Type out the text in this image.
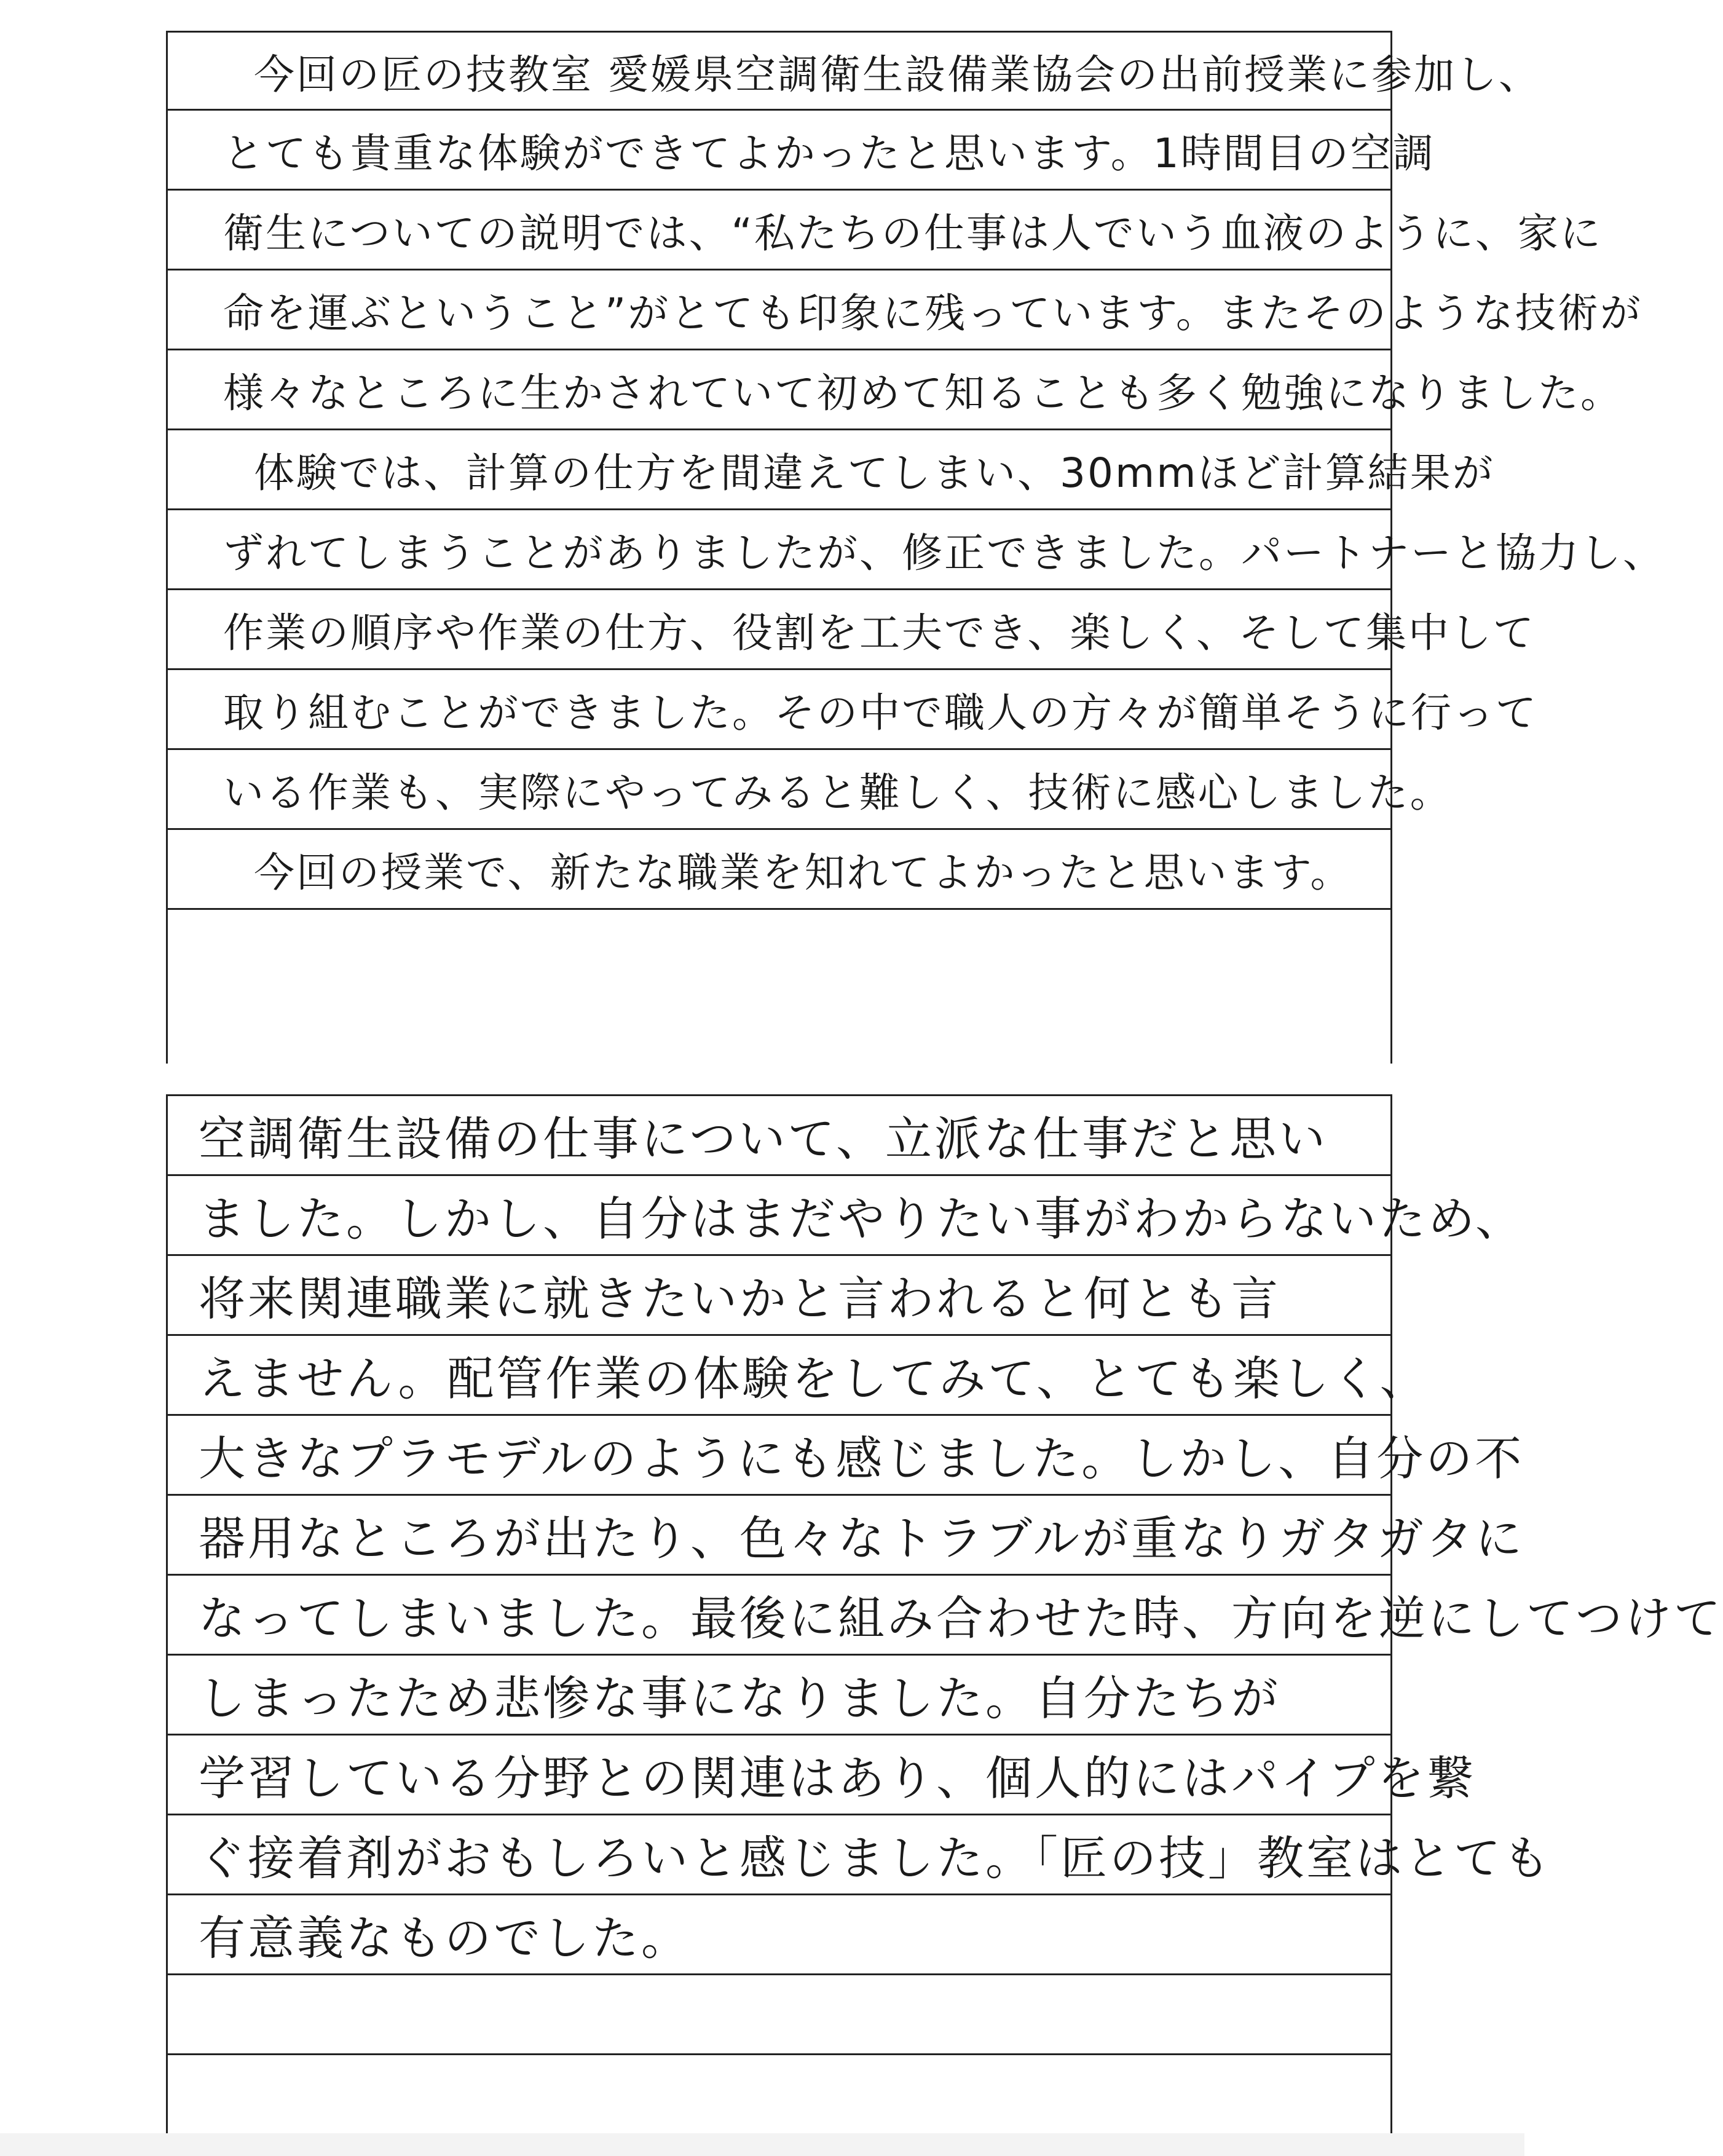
今回の匠の技教室 愛媛県空調衛生設備業協会の出前授業に参加し、
とても貴重な体験ができてよかったと思います。1時間目の空調
衛生についての説明では、“私たちの仕事は人でいう血液のように、家に
命を運ぶということ”がとても印象に残っています。またそのような技術が
様々なところに生かされていて初めて知ることも多く勉強になりました。
体験では、計算の仕方を間違えてしまい、30mmほど計算結果が
ずれてしまうことがありましたが、修正できました。パートナーと協力し、
作業の順序や作業の仕方、役割を工夫でき、楽しく、そして集中して
取り組むことができました。その中で職人の方々が簡単そうに行って
いる作業も、実際にやってみると難しく、技術に感心しました。
今回の授業で、新たな職業を知れてよかったと思います。
空調衛生設備の仕事について、立派な仕事だと思い
ました。しかし、自分はまだやりたい事がわからないため、
将来関連職業に就きたいかと言われると何とも言
えません。配管作業の体験をしてみて、とても楽しく、
大きなプラモデルのようにも感じました。しかし、自分の不
器用なところが出たり、色々なトラブルが重なりガタガタに
なってしまいました。最後に組み合わせた時、方向を逆にしてつけて
しまったため悲惨な事になりました。自分たちが
学習している分野との関連はあり、個人的にはパイプを繋
ぐ接着剤がおもしろいと感じました。「匠の技」教室はとても
有意義なものでした。
